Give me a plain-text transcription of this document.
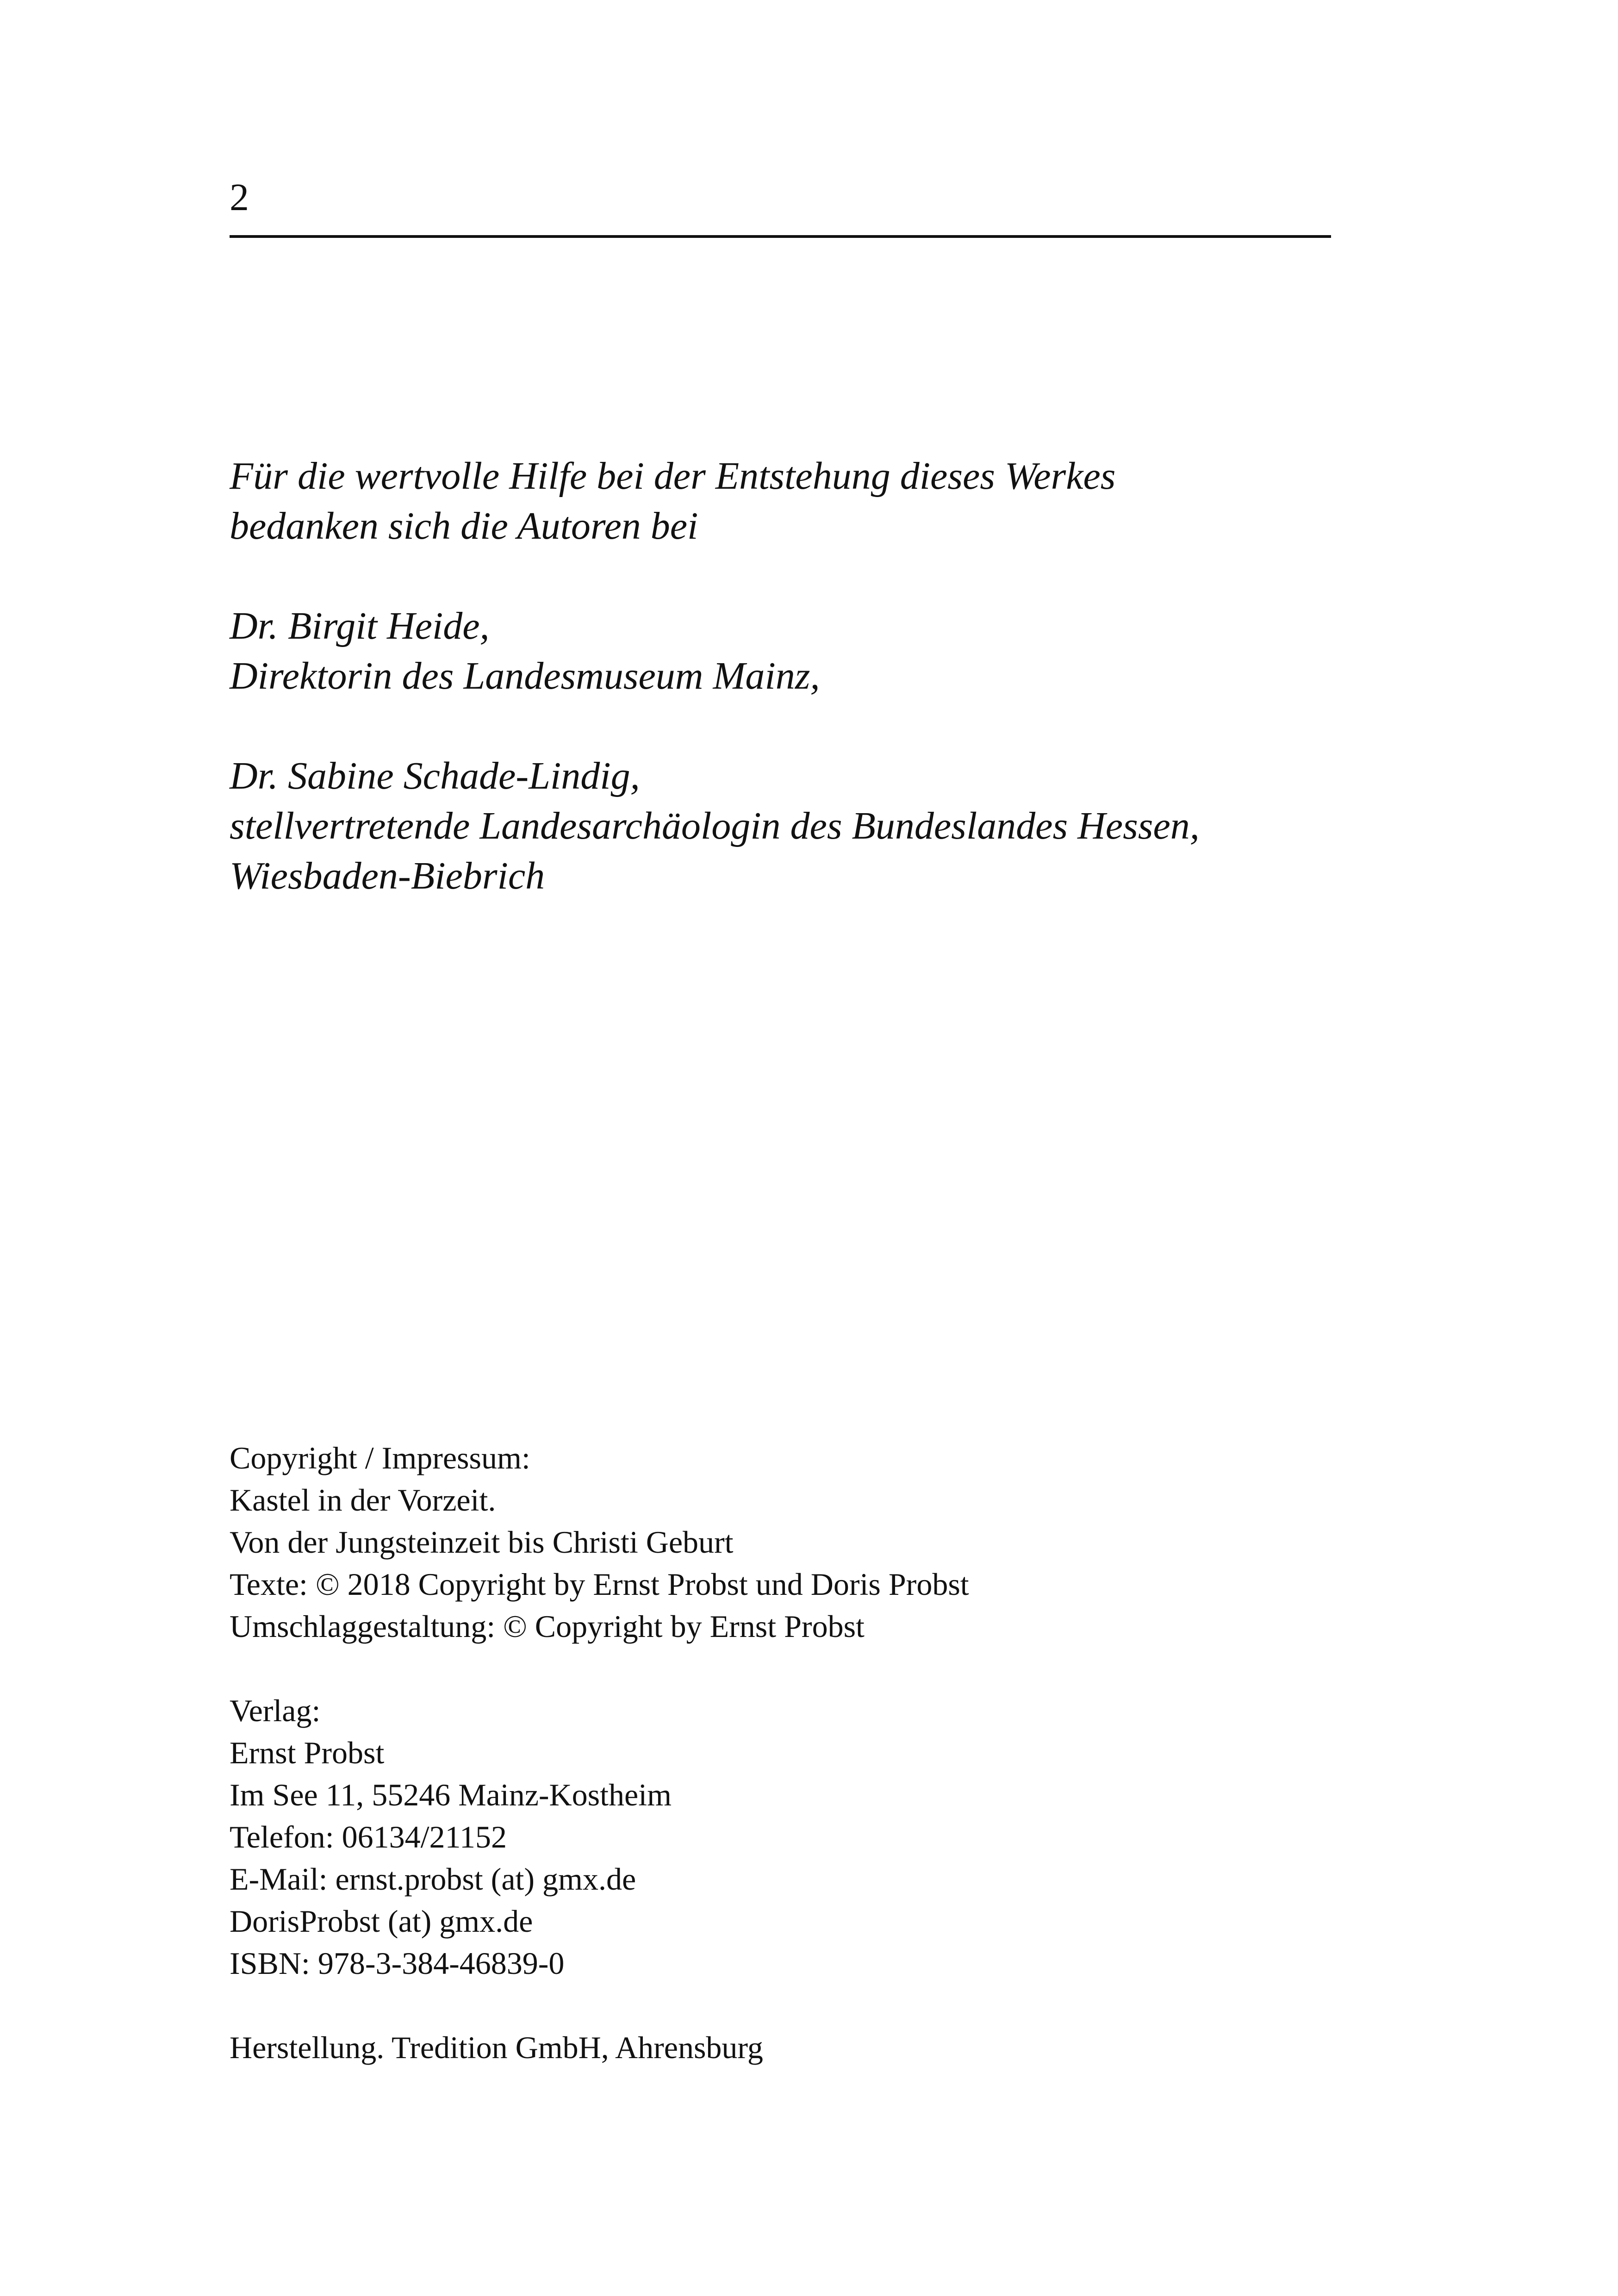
2
Für die wertvolle Hilfe bei der Entstehung dieses Werkes
bedanken sich die Autoren bei
Dr. Birgit Heide,
Direktorin des Landesmuseum Mainz,
Dr. Sabine Schade-Lindig,
stellvertretende Landesarchäologin des Bundeslandes Hessen,
Wiesbaden-Biebrich
Copyright / Impressum:
Kastel in der Vorzeit.
Von der Jungsteinzeit bis Christi Geburt
Texte: © 2018 Copyright by Ernst Probst und Doris Probst
Umschlaggestaltung: © Copyright by Ernst Probst
Verlag:
Ernst Probst
Im See 11, 55246 Mainz-Kostheim
Telefon: 06134/21152
E-Mail: ernst.probst (at) gmx.de
DorisProbst (at) gmx.de
ISBN: 978-3-384-46839-0
Herstellung. Tredition GmbH, Ahrensburg
